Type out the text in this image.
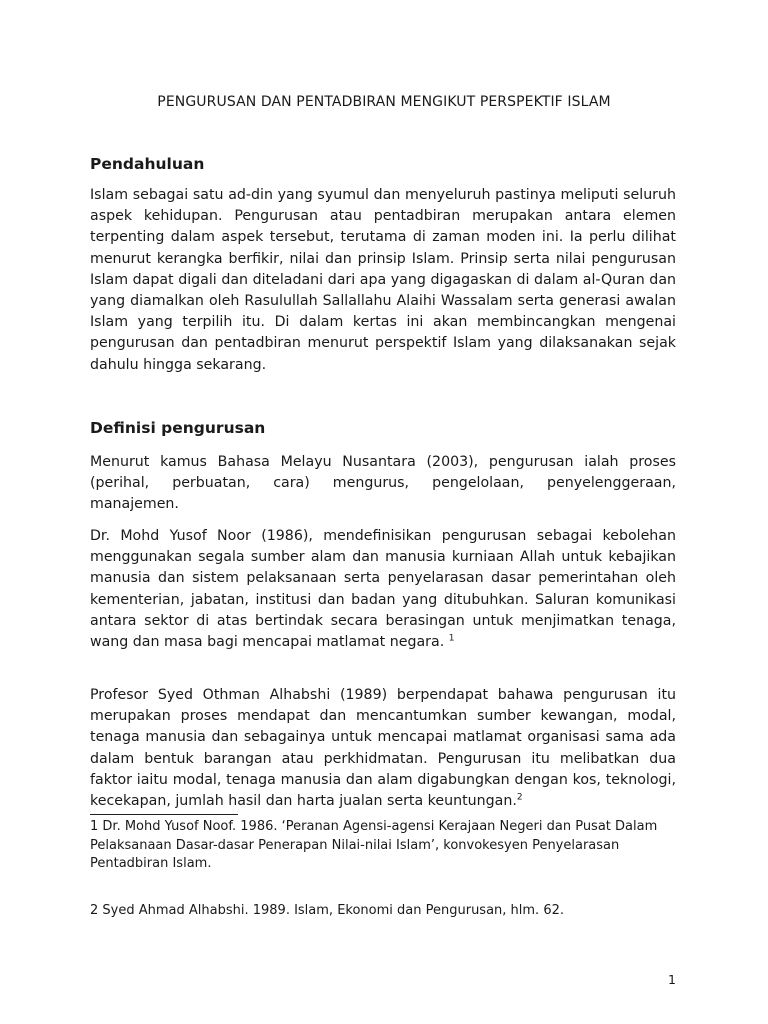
PENGURUSAN DAN PENTADBIRAN MENGIKUT PERSPEKTIF ISLAM
Pendahuluan

Islam sebagai satu ad-din yang syumul dan menyeluruh pastinya meliputi seluruh aspek kehidupan. Pengurusan atau pentadbiran merupakan antara elemen terpenting dalam aspek tersebut, terutama di zaman moden ini. Ia perlu dilihat menurut kerangka berfikir, nilai dan prinsip Islam. Prinsip serta nilai pengurusan Islam dapat digali dan diteladani dari apa yang digagaskan di dalam al-Quran dan yang diamalkan oleh Rasulullah Sallallahu Alaihi Wassalam serta generasi awalan Islam yang terpilih itu. Di dalam kertas ini akan membincangkan mengenai pengurusan dan pentadbiran menurut perspektif Islam yang dilaksanakan sejak dahulu hingga sekarang.

Definisi pengurusan

Menurut kamus Bahasa Melayu Nusantara (2003), pengurusan ialah proses (perihal, perbuatan, cara) mengurus, pengelolaan, penyelenggeraan, manajemen.

Dr. Mohd Yusof Noor (1986), mendefinisikan pengurusan sebagai kebolehan menggunakan segala sumber alam dan manusia kurniaan Allah untuk kebajikan manusia dan sistem pelaksanaan serta penyelarasan dasar pemerintahan oleh kementerian, jabatan, institusi dan badan yang ditubuhkan. Saluran komunikasi antara sektor di atas bertindak secara berasingan untuk menjimatkan tenaga, wang dan masa bagi mencapai matlamat negara. $^1$

Profesor Syed Othman Alhabshi (1989) berpendapat bahawa pengurusan itu merupakan proses mendapat dan mencantumkan sumber kewangan, modal, tenaga manusia dan sebagainya untuk mencapai matlamat organisasi sama ada dalam bentuk barangan atau perkhidmatan. Pengurusan itu melibatkan dua faktor iaitu modal, tenaga manusia dan alam digabungkan dengan kos, teknologi, kecekapan, jumlah hasil dan harta jualan serta keuntungan.$^2$

1 Dr. Mohd Yusof Noof. 1986. ‘Peranan Agensi-agensi Kerajaan Negeri dan Pusat Dalam Pelaksanaan Dasar-dasar Penerapan Nilai-nilai Islam’, konvokesyen Penyelarasan Pentadbiran Islam.

2 Syed Ahmad Alhabshi. 1989. Islam, Ekonomi dan Pengurusan, hlm. 62.

1
